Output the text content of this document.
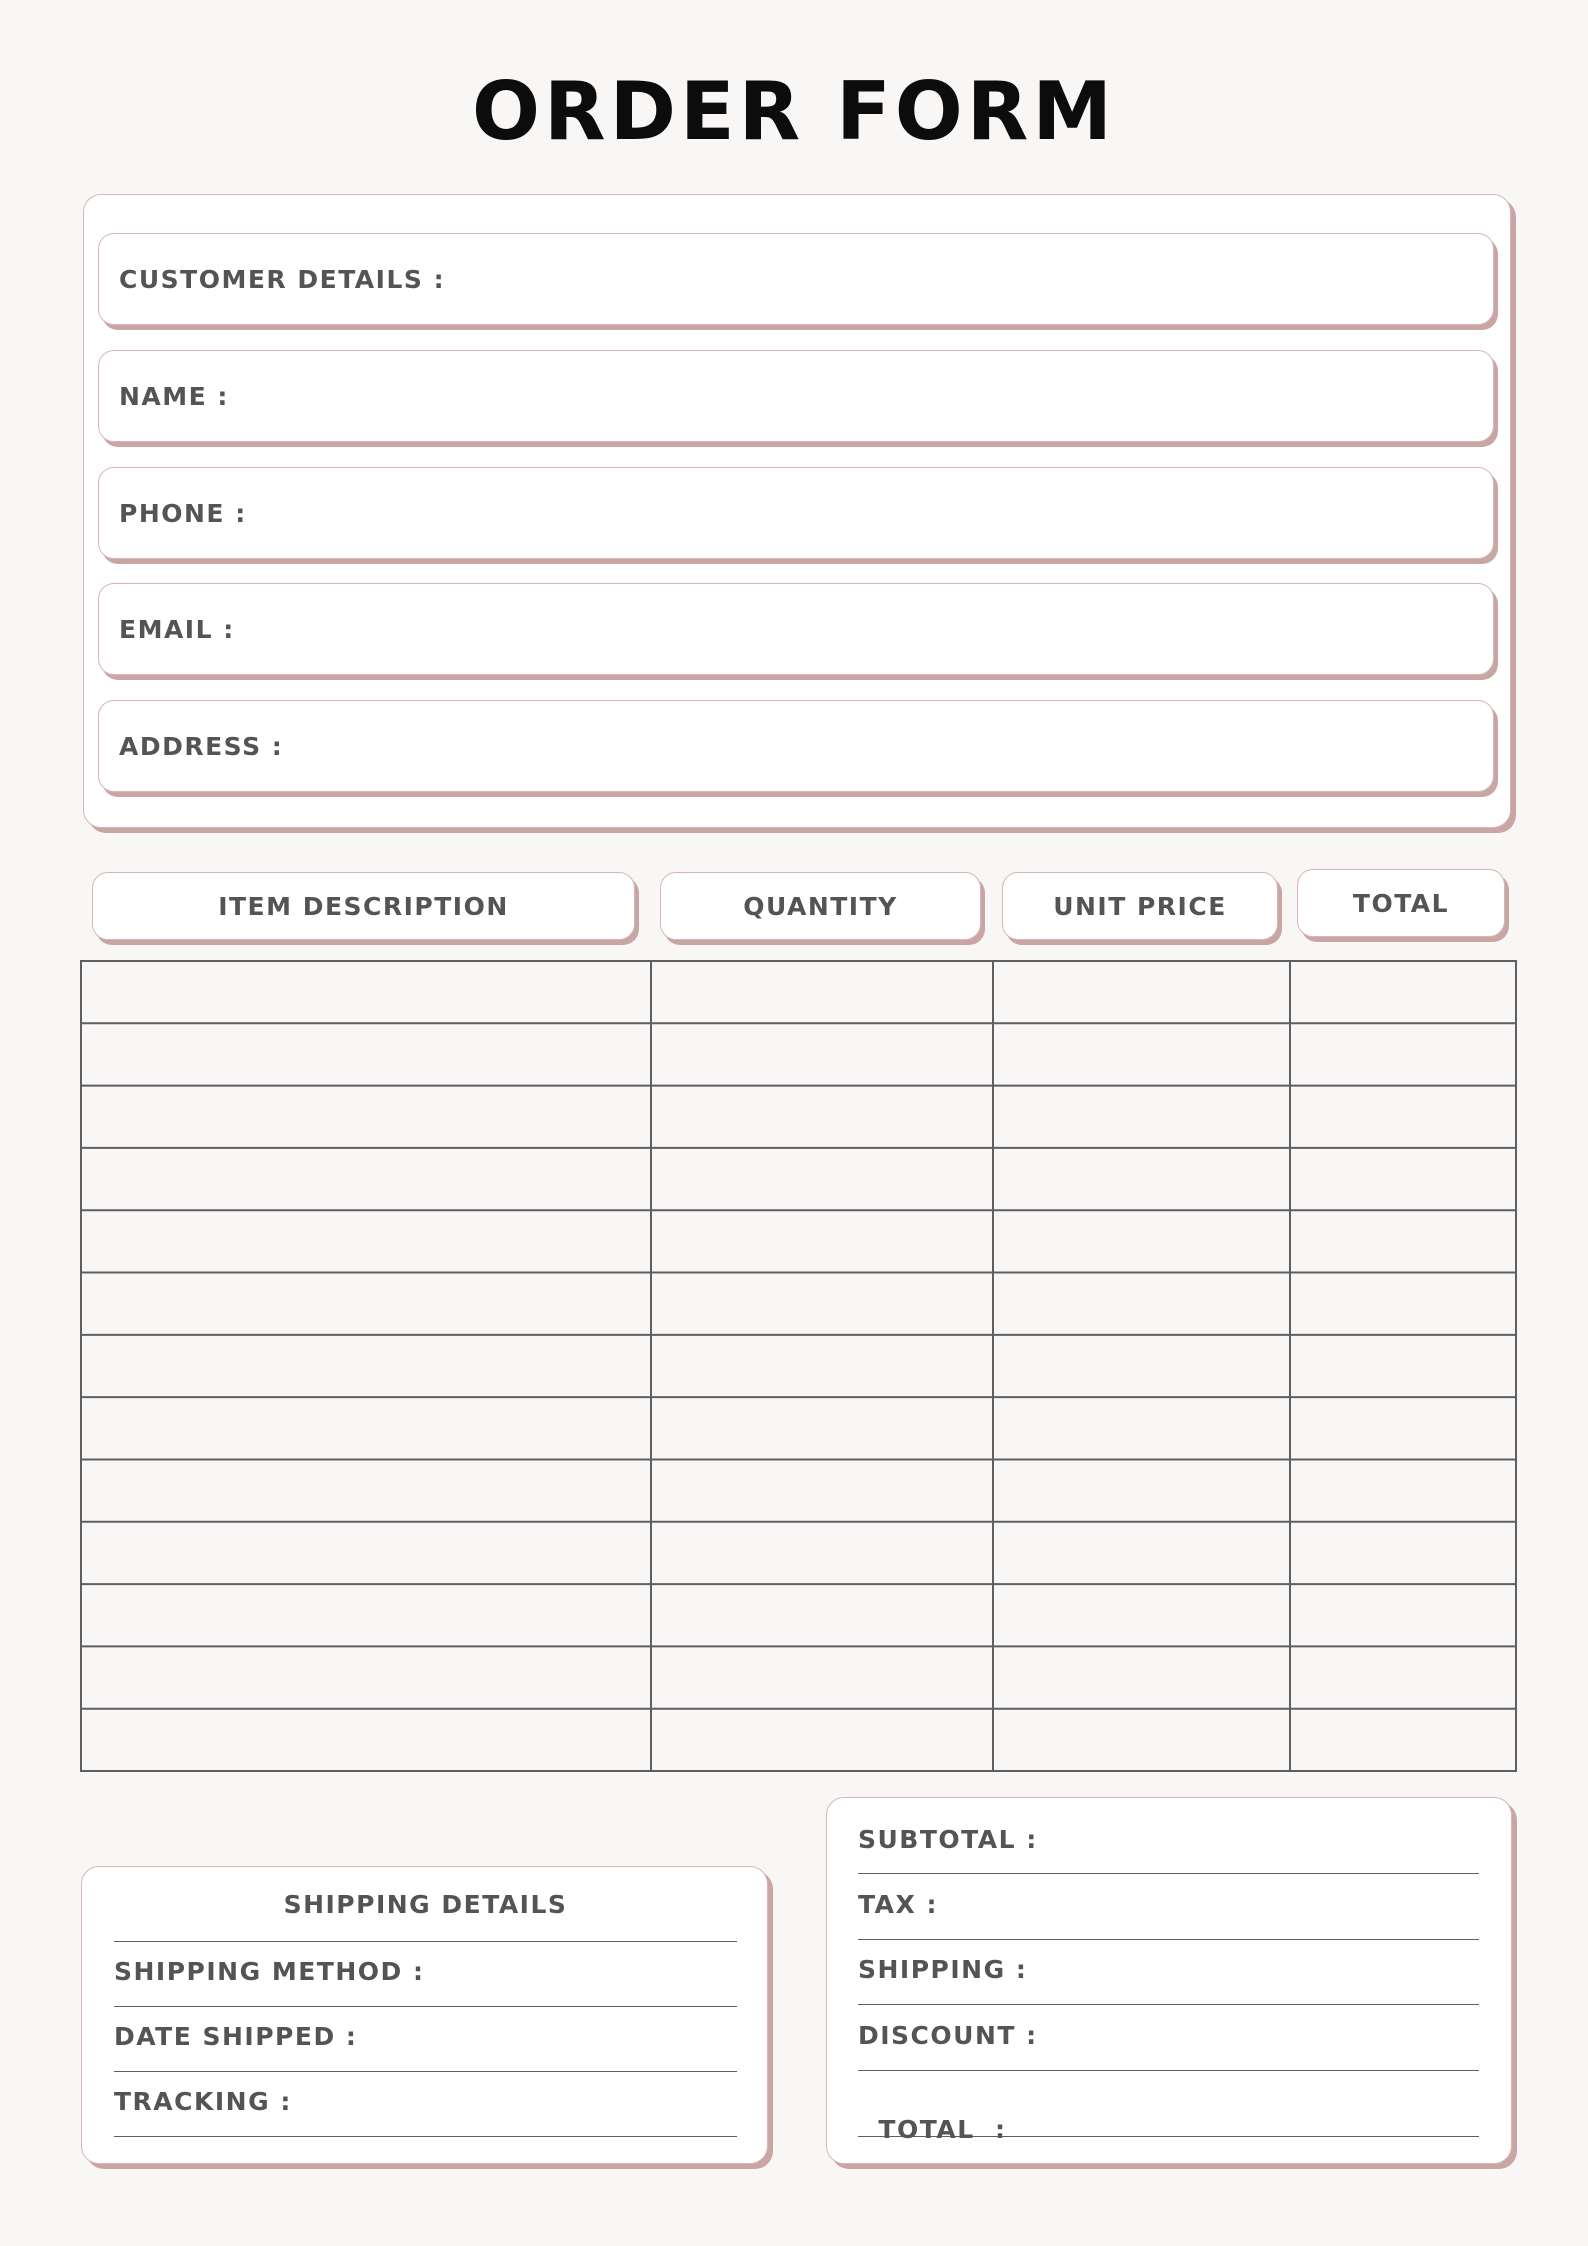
ORDER FORM
CUSTOMER DETAILS :
NAME :
PHONE :
EMAIL :
ADDRESS :
ITEM DESCRIPTION	QUANTITY	UNIT PRICE	TOTAL
SHIPPING DETAILS
SHIPPING METHOD :
DATE SHIPPED :
TRACKING :
SUBTOTAL :
TAX :
SHIPPING :
DISCOUNT :

TOTAL  :
